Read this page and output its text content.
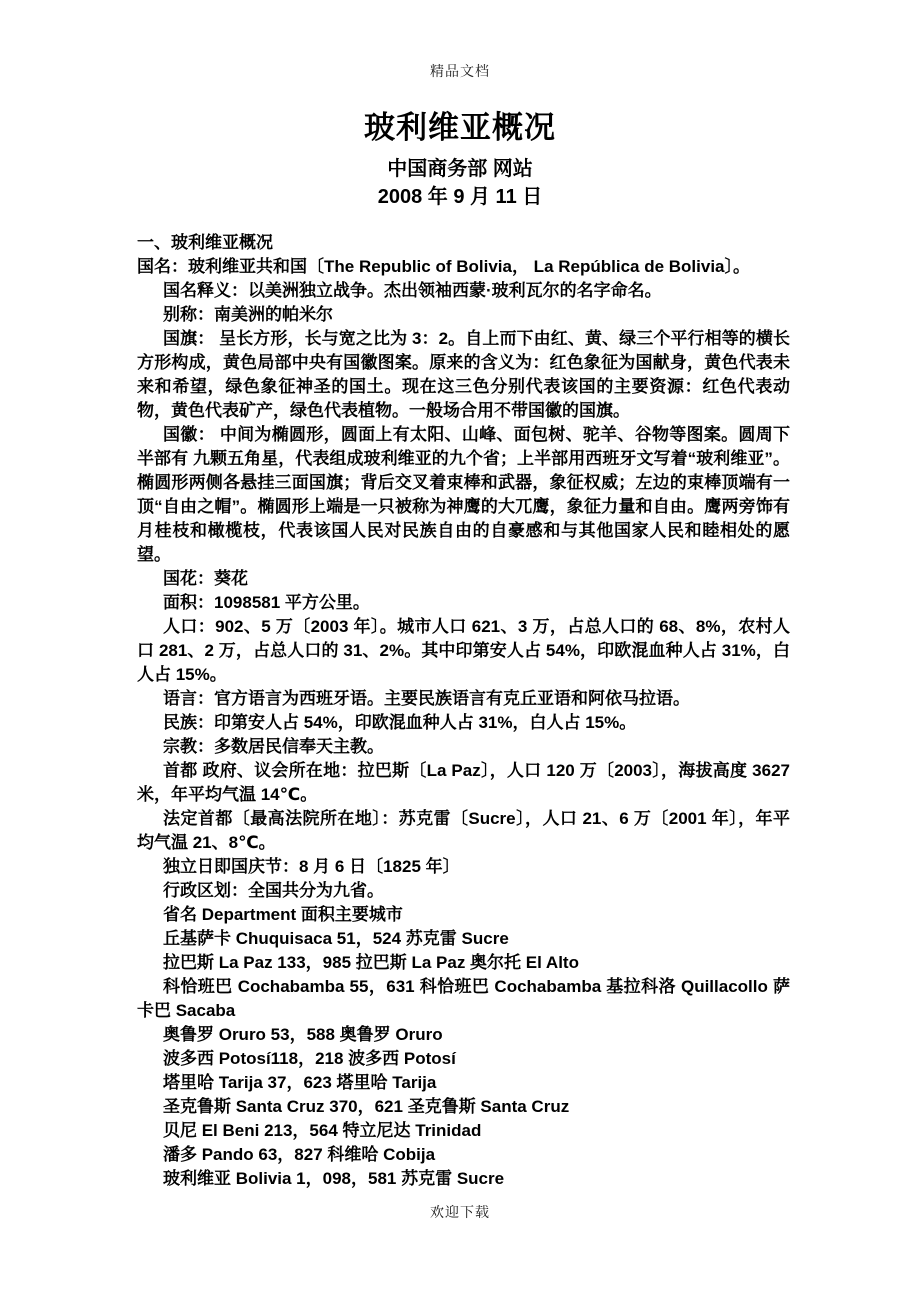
精品文档
玻利维亚概况
中国商务部 网站
2008 年 9 月 11 日

一、玻利维亚概况

国名：玻利维亚共和国〔The Republic of Bolivia， La República de Bolivia〕。

国名释义：以美洲独立战争。杰出领袖西蒙·玻利瓦尔的名字命名。

别称：南美洲的帕米尔

国旗： 呈长方形，长与宽之比为 3：2。自上而下由红、黄、绿三个平行相等的横长方形构成，黄色局部中央有国徽图案。原来的含义为：红色象征为国献身，黄色代表未来和希望，绿色象征神圣的国土。现在这三色分别代表该国的主要资源：红色代表动物，黄色代表矿产，绿色代表植物。一般场合用不带国徽的国旗。

国徽： 中间为椭圆形，圆面上有太阳、山峰、面包树、驼羊、谷物等图案。圆周下半部有 九颗五角星，代表组成玻利维亚的九个省；上半部用西班牙文写着“玻利维亚”。椭圆形两侧各悬挂三面国旗；背后交叉着束棒和武器，象征权威；左边的束棒顶端有一顶“自由之帽”。椭圆形上端是一只被称为神鹰的大兀鹰，象征力量和自由。鹰两旁饰有月桂枝和橄榄枝，代表该国人民对民族自由的自豪感和与其他国家人民和睦相处的愿望。

国花：葵花

面积：1098581 平方公里。

人口：902、5 万〔2003 年〕。城市人口 621、3 万，占总人口的 68、8%，农村人口 281、2 万，占总人口的 31、2%。其中印第安人占 54%，印欧混血种人占 31%，白人占 15%。

语言：官方语言为西班牙语。主要民族语言有克丘亚语和阿依马拉语。

民族：印第安人占 54%，印欧混血种人占 31%，白人占 15%。

宗教：多数居民信奉天主教。

首都 政府、议会所在地：拉巴斯〔La Paz〕，人口 120 万〔2003〕，海拔高度 3627 米，年平均气温 14℃。

法定首都〔最高法院所在地〕：苏克雷〔Sucre〕，人口 21、6 万〔2001 年〕，年平均气温 21、8℃。

独立日即国庆节：8 月 6 日〔1825 年〕

行政区划：全国共分为九省。

省名 Department 面积主要城市

丘基萨卡 Chuquisaca 51，524 苏克雷 Sucre

拉巴斯 La Paz 133，985 拉巴斯 La Paz 奥尔托 El Alto

科恰班巴 Cochabamba 55，631 科恰班巴 Cochabamba 基拉科洛 Quillacollo 萨卡巴 Sacaba

奥鲁罗 Oruro 53，588 奥鲁罗 Oruro

波多西 Potosí118，218 波多西 Potosí

塔里哈 Tarija 37，623 塔里哈 Tarija

圣克鲁斯 Santa Cruz 370，621 圣克鲁斯 Santa Cruz

贝尼 El Beni 213，564 特立尼达 Trinidad

潘多 Pando 63，827 科维哈 Cobija

玻利维亚 Bolivia 1，098，581 苏克雷 Sucre

欢迎下载
